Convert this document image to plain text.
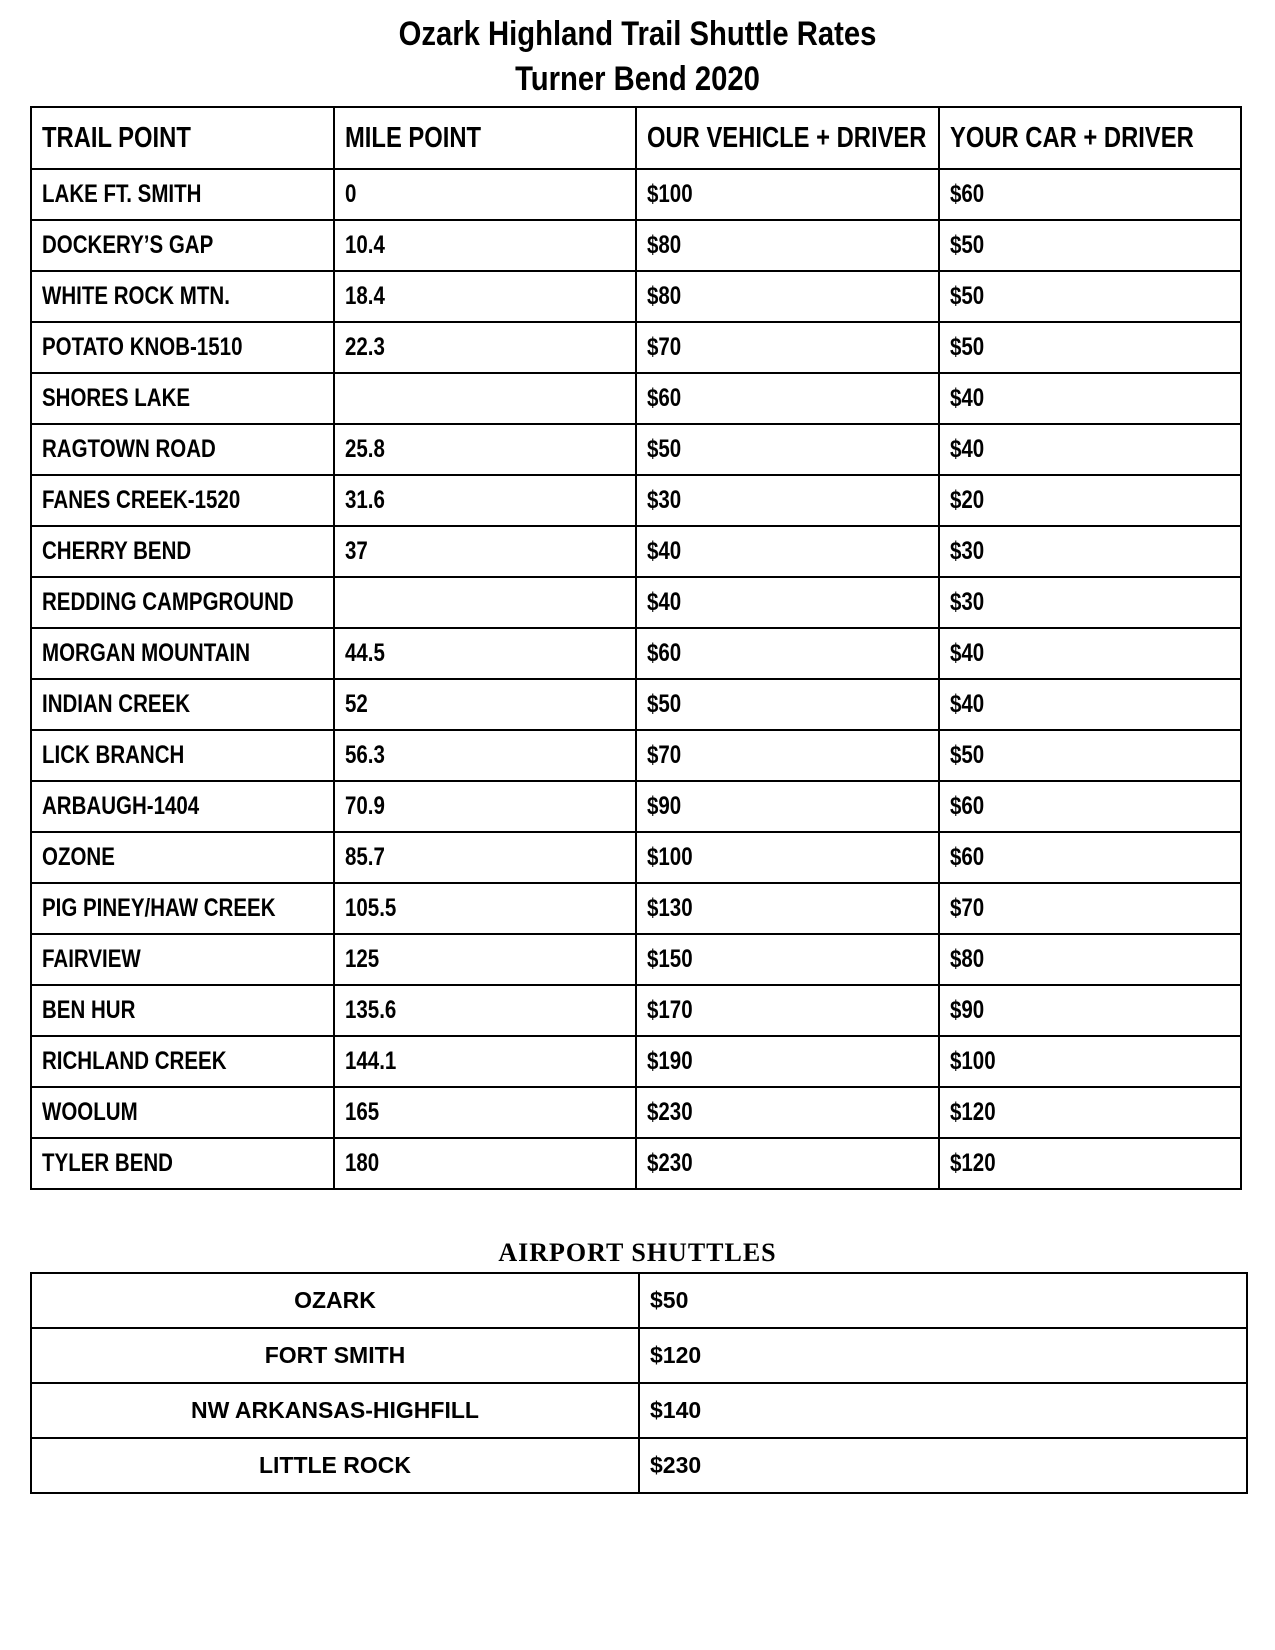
Ozark Highland Trail Shuttle Rates
Turner Bend 2020
TRAIL POINT	MILE POINT	OUR VEHICLE + DRIVER	YOUR CAR + DRIVER
LAKE FT. SMITH	0	$100	$60
DOCKERY’S GAP	10.4	$80	$50
WHITE ROCK MTN.	18.4	$80	$50
POTATO KNOB-1510	22.3	$70	$50
SHORES LAKE		$60	$40
RAGTOWN ROAD	25.8	$50	$40
FANES CREEK-1520	31.6	$30	$20
CHERRY BEND	37	$40	$30
REDDING CAMPGROUND		$40	$30
MORGAN MOUNTAIN	44.5	$60	$40
INDIAN CREEK	52	$50	$40
LICK BRANCH	56.3	$70	$50
ARBAUGH-1404	70.9	$90	$60
OZONE	85.7	$100	$60
PIG PINEY/HAW CREEK	105.5	$130	$70
FAIRVIEW	125	$150	$80
BEN HUR	135.6	$170	$90
RICHLAND CREEK	144.1	$190	$100
WOOLUM	165	$230	$120
TYLER BEND	180	$230	$120
AIRPORT SHUTTLES
OZARK	$50
FORT SMITH	$120
NW ARKANSAS-HIGHFILL	$140
LITTLE ROCK	$230
